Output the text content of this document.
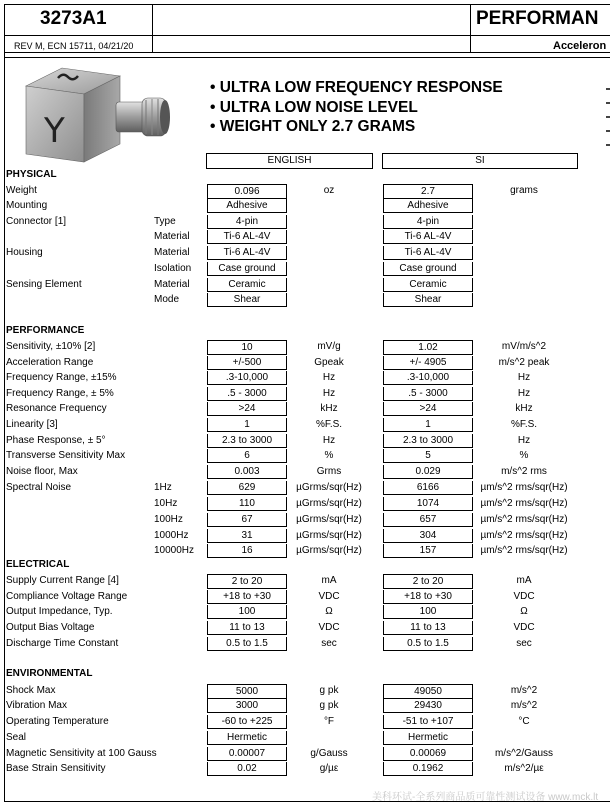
3273A1	PERFORMAN
REV M, ECN 15711, 04/21/20	Acceleron
Y
• ULTRA LOW FREQUENCY RESPONSE
• ULTRA LOW NOISE LEVEL
• WEIGHT ONLY 2.7 GRAMS
ENGLISH	SI
PHYSICAL
PERFORMANCE
ELECTRICAL
ENVIRONMENTAL
Weight	0.096	oz	2.7	grams
Mounting	Adhesive	Adhesive
Connector [1]	Type	4-pin	4-pin
Material	Ti-6 AL-4V	Ti-6 AL-4V
Housing	Material	Ti-6 AL-4V	Ti-6 AL-4V
Isolation	Case ground	Case ground
Sensing Element	Material	Ceramic	Ceramic
Mode	Shear	Shear
Sensitivity, ±10% [2]	10	mV/g	1.02	mV/m/s^2
Acceleration Range	+/-500	Gpeak	+/- 4905	m/s^2 peak
Frequency Range, ±15%	.3-10,000	Hz	.3-10,000	Hz
Frequency Range, ± 5%	.5 - 3000	Hz	.5 - 3000	Hz
Resonance Frequency	>24	kHz	>24	kHz
Linearity [3]	1	%F.S.	1	%F.S.
Phase Response, ± 5°	2.3 to 3000	Hz	2.3 to 3000	Hz
Transverse Sensitivity Max	6	%	5	%
Noise floor, Max	0.003	Grms	0.029	m/s^2 rms
Spectral Noise	1Hz	629	µGrms/sqr(Hz)	6166	µm/s^2 rms/sqr(Hz)
10Hz	110	µGrms/sqr(Hz)	1074	µm/s^2 rms/sqr(Hz)
100Hz	67	µGrms/sqr(Hz)	657	µm/s^2 rms/sqr(Hz)
1000Hz	31	µGrms/sqr(Hz)	304	µm/s^2 rms/sqr(Hz)
10000Hz	16	µGrms/sqr(Hz)	157	µm/s^2 rms/sqr(Hz)
Supply Current Range [4]	2 to 20	mA	2 to 20	mA
Compliance Voltage Range	+18 to +30	VDC	+18 to +30	VDC
Output Impedance, Typ.	100	Ω	100	Ω
Output Bias Voltage	11 to 13	VDC	11 to 13	VDC
Discharge Time Constant	0.5 to 1.5	sec	0.5 to 1.5	sec
Shock Max	5000	g pk	49050	m/s^2
Vibration Max	3000	g pk	29430	m/s^2
Operating Temperature	-60 to +225	°F	-51 to +107	°C
Seal	Hermetic	Hermetic
Magnetic Sensitivity at 100 Gauss	0.00007	g/Gauss	0.00069	m/s^2/Gauss
Base Strain Sensitivity	0.02	g/µε	0.1962	m/s^2/µε
美科环试-全系列商品质可靠性测试设备 www.mck.lt
